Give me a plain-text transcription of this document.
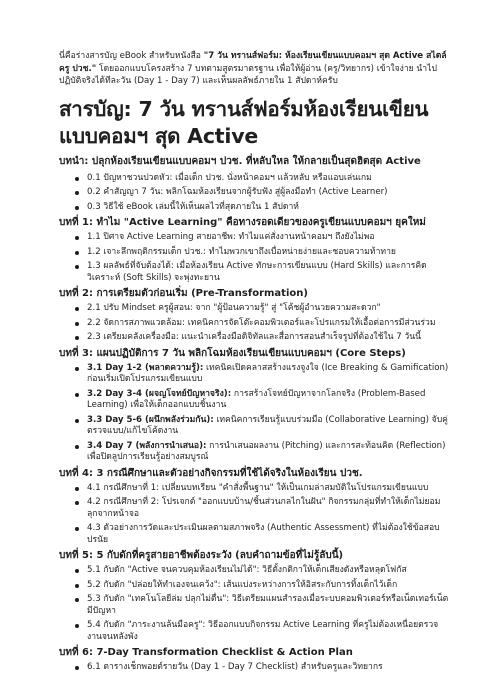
นี่คือร่างสารบัญ eBook สำหรับหนังสือ "7 วัน ทรานส์ฟอร์ม: ห้องเรียนเขียนแบบคอมฯ สุด Active สไตล์ครู ปวช." โดยออกแบบโครงสร้าง 7 บทตามสูตรมาตรฐาน เพื่อให้ผู้อ่าน (ครู/วิทยากร) เข้าใจง่าย นำไปปฏิบัติจริงได้ทีละวัน (Day 1 - Day 7) และเห็นผลลัพธ์ภายใน 1 สัปดาห์ครับ

สารบัญ: 7 วัน ทรานส์ฟอร์มห้องเรียนเขียนแบบคอมฯ สุด Active
บทนำ: ปลุกห้องเรียนเขียนแบบคอมฯ ปวช. ที่หลับใหล ให้กลายเป็นสุดฮิตสุด Active
0.1 ปัญหาชวนปวดหัว: เมื่อเด็ก ปวช. นั่งหน้าคอมฯ แล้วหลับ หรือแอบเล่นเกม
0.2 คำสัญญา 7 วัน: พลิกโฉมห้องเรียนจากผู้รับฟัง สู่ผู้ลงมือทำ (Active Learner)
0.3 วิธีใช้ eBook เล่มนี้ให้เห็นผลไวที่สุดภายใน 1 สัปดาห์
บทที่ 1: ทำไม "Active Learning" คือทางรอดเดียวของครูเขียนแบบคอมฯ ยุคใหม่
1.1 ปิศาจ Active Learning สายอาชีพ: ทำไมแค่สั่งงานหน้าคอมฯ ถึงยังไม่พอ
1.2 เจาะลึกพฤติกรรมเด็ก ปวช.: ทำไมพวกเขาถึงเบื่อหน่ายง่ายและชอบความท้าทาย
1.3 ผลลัพธ์ที่จับต้องได้: เมื่อห้องเรียน Active ทักษะการเขียนแบบ (Hard Skills) และการคิดวิเคราะห์ (Soft Skills) จะพุ่งทะยาน
บทที่ 2: การเตรียมตัวก่อนเริ่ม (Pre-Transformation)
2.1 ปรับ Mindset ครูผู้สอน: จาก "ผู้ป้อนความรู้" สู่ "โค้ชผู้อำนวยความสะดวก"
2.2 จัดการสภาพแวดล้อม: เทคนิคการจัดโต๊ะคอมพิวเตอร์และโปรแกรมให้เอื้อต่อการมีส่วนร่วม
2.3 เตรียมคลังเครื่องมือ: แนะนำเครื่องมือดิจิทัลและสื่อการสอนสำเร็จรูปที่ต้องใช้ใน 7 วันนี้
บทที่ 3: แผนปฏิบัติการ 7 วัน พลิกโฉมห้องเรียนเขียนแบบคอมฯ (Core Steps)
3.1 Day 1-2 (พลาดความรู้): เทคนิคเปิดคลาสสร้างแรงจูงใจ (Ice Breaking & Gamification) ก่อนเริ่มเปิดโปรแกรมเขียนแบบ
3.2 Day 3-4 (ผจญโจทย์ปัญหาจริง): การสร้างโจทย์ปัญหาจากโลกจริง (Problem-Based Learning) เพื่อให้เด็กออกแบบชิ้นงาน
3.3 Day 5-6 (ผนึกพลังร่วมกัน): เทคนิคการเรียนรู้แบบร่วมมือ (Collaborative Learning) จับคู่ตรวจแบบ/แก้ไขโค้ดงาน
3.4 Day 7 (พลังการนำเสนอ): การนำเสนอผลงาน (Pitching) และการสะท้อนคิด (Reflection) เพื่อปิดลูปการเรียนรู้อย่างสมบูรณ์
บทที่ 4: 3 กรณีศึกษาและตัวอย่างกิจกรรมที่ใช้ได้จริงในห้องเรียน ปวช.
4.1 กรณีศึกษาที่ 1: เปลี่ยนบทเรียน "คำสั่งพื้นฐาน" ให้เป็นเกมล่าสมบัติในโปรแกรมเขียนแบบ
4.2 กรณีศึกษาที่ 2: โปรเจกต์ "ออกแบบบ้าน/ชิ้นส่วนกลไกในฝัน" กิจกรรมกลุ่มที่ทำให้เด็กไม่ยอมลุกจากหน้าจอ
4.3 ตัวอย่างการวัดและประเมินผลตามสภาพจริง (Authentic Assessment) ที่ไม่ต้องใช้ข้อสอบปรนัย
บทที่ 5: 5 กับดักที่ครูสายอาชีพต้องระวัง (ลบคำถามข้อที่ไม่รู้ลับนี้)
5.1 กับดัก "Active จนควบคุมห้องเรียนไม่ได้": วิธีตั้งกติกาให้เด็กเสียงดังหรือหลุดโฟกัส
5.2 กับดัก "ปล่อยให้ทำเองจนเคว้ง": เส้นแบ่งระหว่างการให้อิสระกับการทิ้งเด็กไว้เด็ก
5.3 กับดัก "เทคโนโลยีล่ม ปลุกไม่ตื่น": วิธีเตรียมแผนสำรองเมื่อระบบคอมพิวเตอร์หรือเน็ตเทอร์เน็ตมีปัญหา
5.4 กับดัก "ภาระงานล้นมือครู": วิธีออกแบบกิจกรรม Active Learning ที่ครูไม่ต้องเหนื่อยตรวจงานจนหลังพัง
บทที่ 6: 7-Day Transformation Checklist & Action Plan
6.1 ตารางเช็กพอยต์รายวัน (Day 1 - Day 7 Checklist) สำหรับครูและวิทยากร
